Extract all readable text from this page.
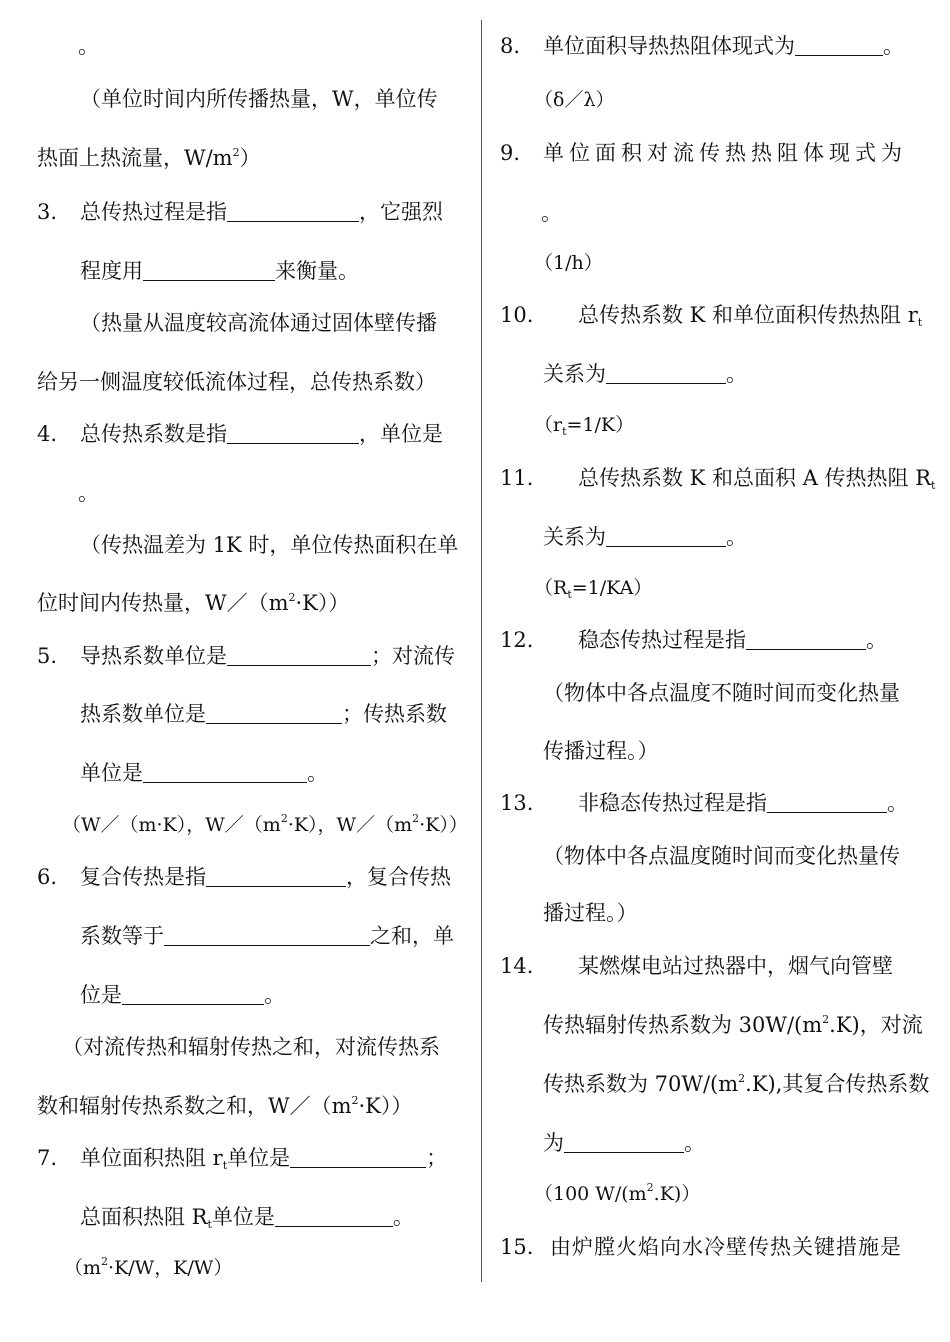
。
（单位时间内所传播热量，W，单位传
热面上热流量，$W/m^2$）
3. 总传热过程是指	，它强烈
程度用	来衡量。
（热量从温度较高流体通过固体壁传播
给另一侧温度较低流体过程，总传热系数）
4. 总传热系数是指	，单位是
。
（传热温差为 1K 时，单位传热面积在单
位时间内传热量，$W/(m^2\cdot K)$）
5. 导热系数单位是	；对流传
热系数单位是	；传热系数
单位是	。
（W／（m·K），$W/(m^2\cdot K)$，$W/(m^2\cdot K)$）
6. 复合传热是指	，复合传热
系数等于	之和，单
位是	。
（对流传热和辐射传热之和，对流传热系
数和辐射传热系数之和，$W/(m^2\cdot K)$）
7. 单位面积热阻 $r_t$单位是	；
总面积热阻 $R_t$单位是	。
（$m^2\cdot K/W$，K/W）
8. 单位面积导热热阻体现式为	。
（δ／λ）
9. 单位面积对流传热热阻体现式为
。
（1/h）
10. 总传热系数 K 和单位面积传热热阻 $r_t$
关系为	。
$(r_t=1/K)$
11. 总传热系数 K 和总面积 A 传热热阻 $R_t$
关系为	。
$(R_t=1/KA)$
12. 稳态传热过程是指	。
（物体中各点温度不随时间而变化热量
传播过程。）
13. 非稳态传热过程是指	。
（物体中各点温度随时间而变化热量传
播过程。）
14. 某燃煤电站过热器中，烟气向管壁
传热辐射传热系数为 $30W/(m^2.K)$，对流
传热系数为 $70W/(m^2.K)$,其复合传热系数
为	。
（100 $W/(m^2.K)$）
15. 由炉膛火焰向水冷壁传热关键措施是
